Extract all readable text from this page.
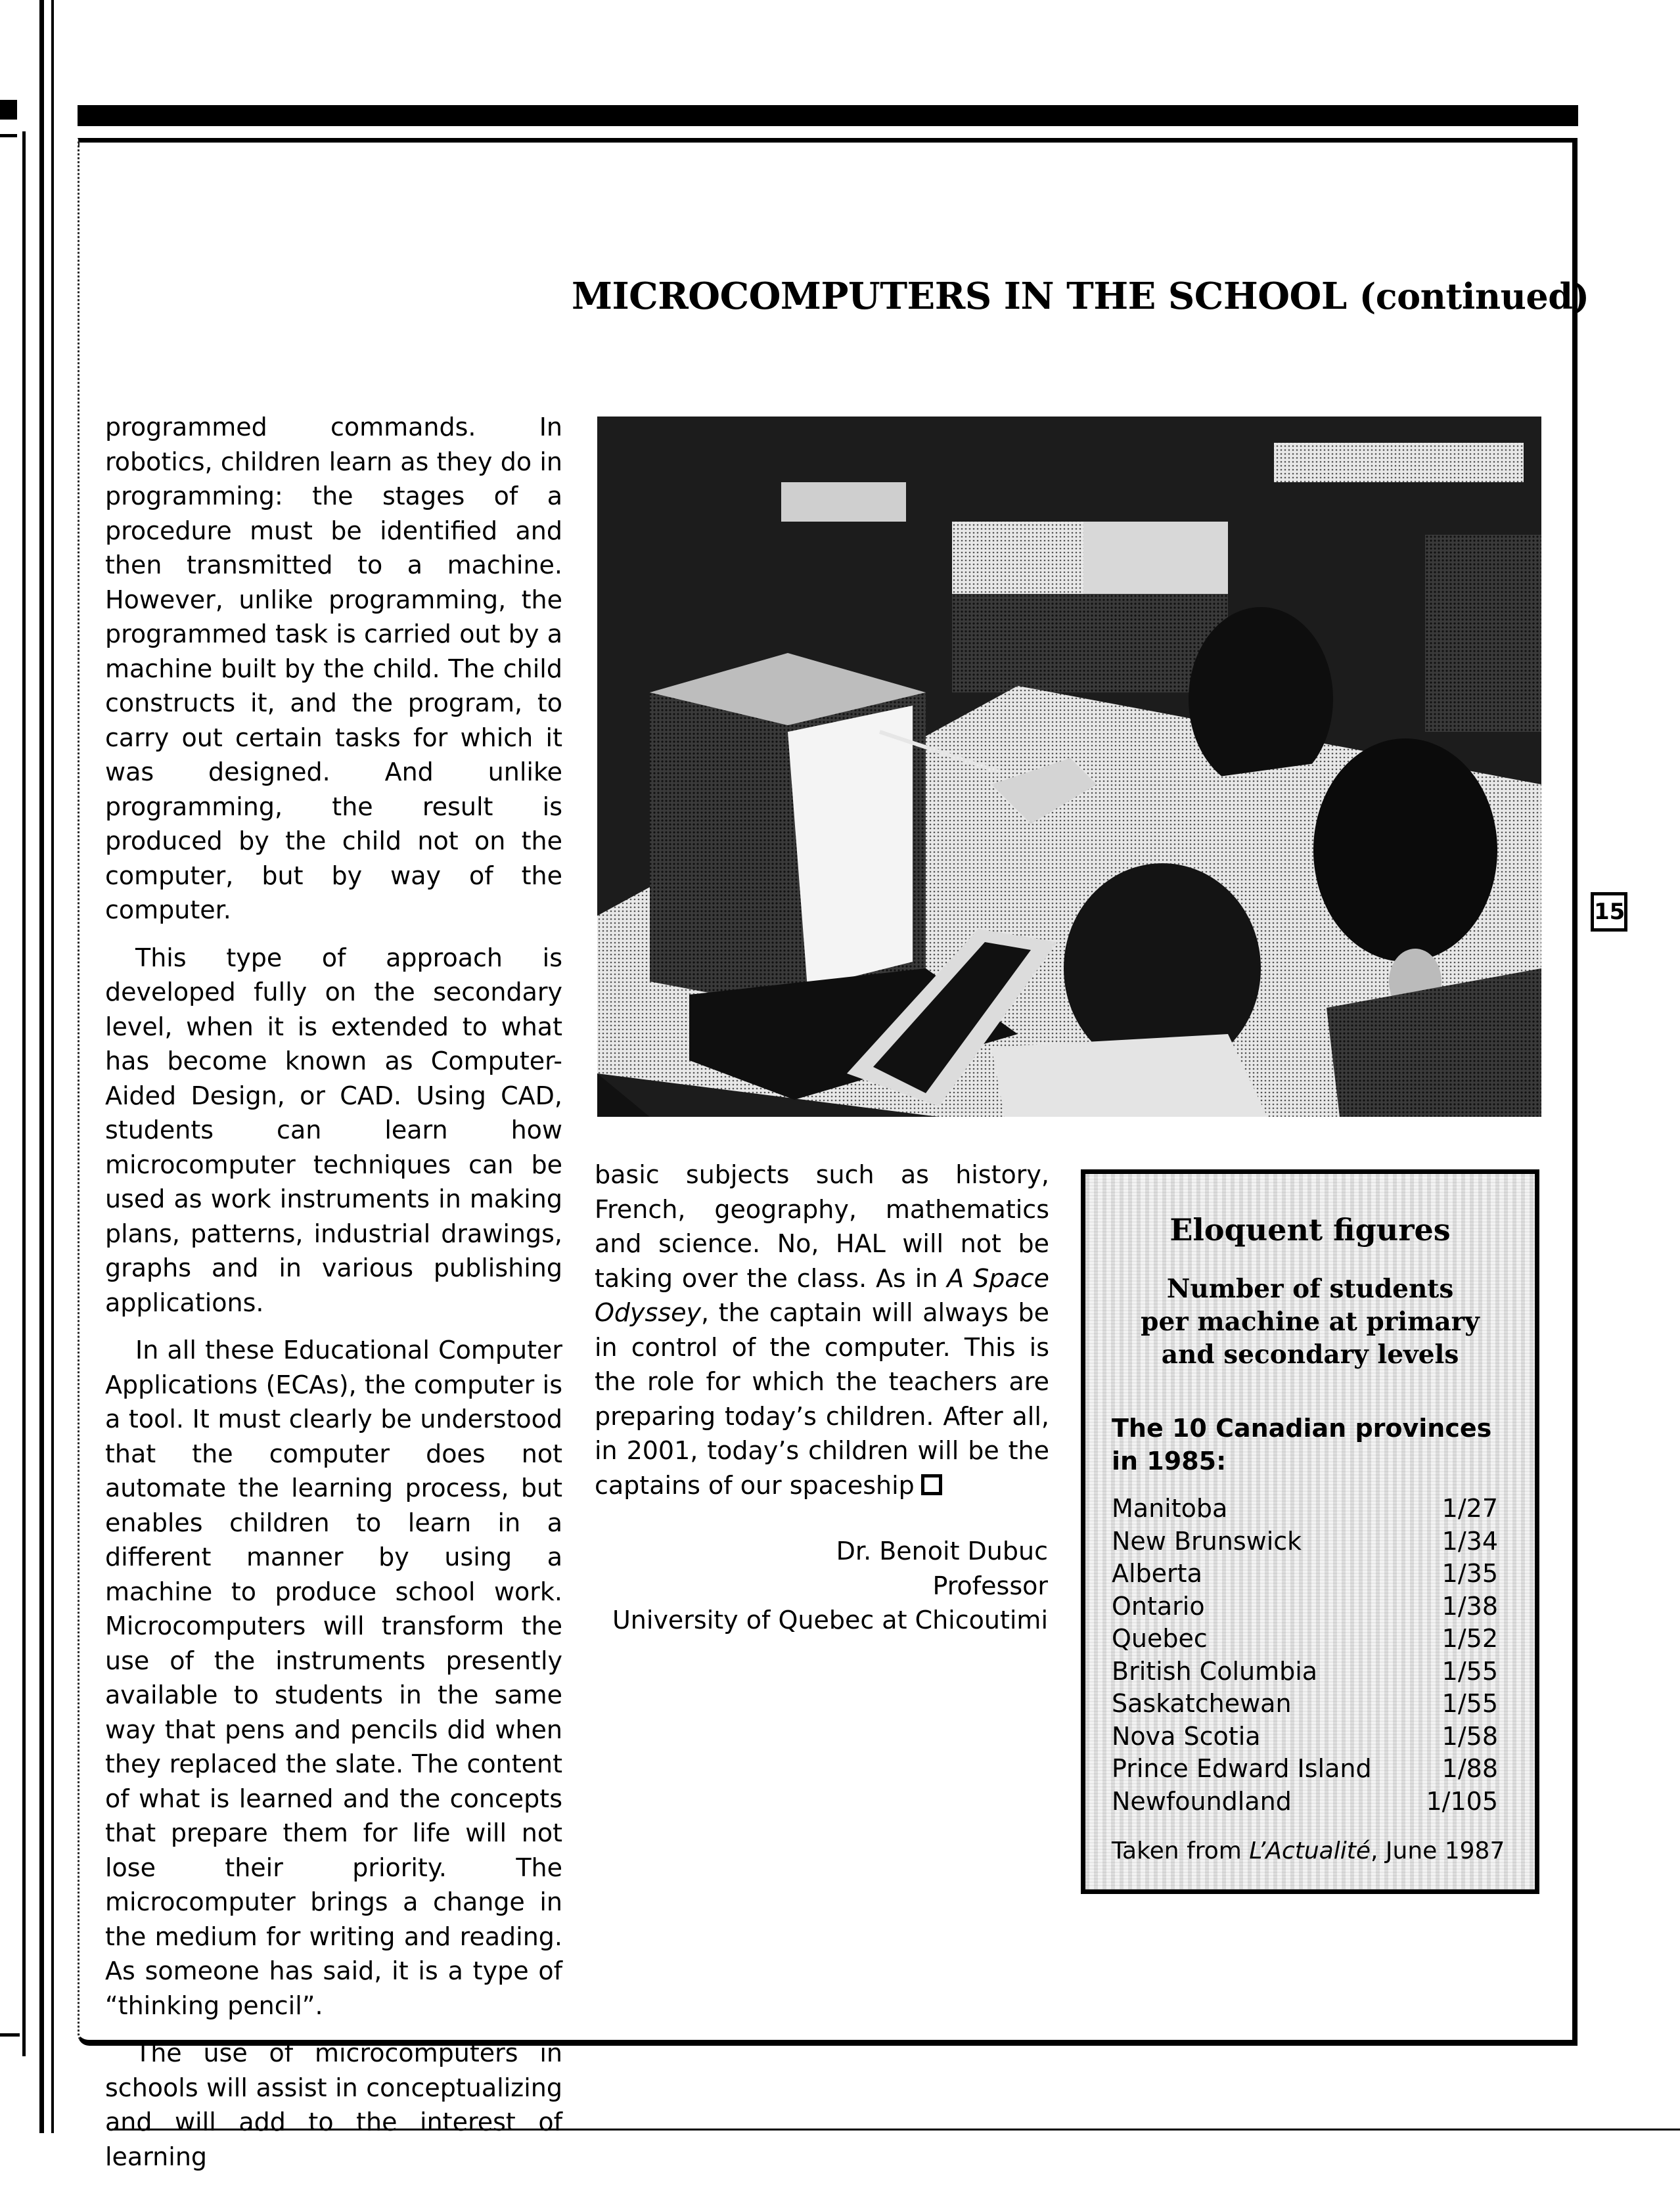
MICROCOMPUTERS IN THE SCHOOL (continued)

programmed commands. In robotics, children learn as they do in programming: the stages of a procedure must be identified and then transmitted to a machine. However, unlike programming, the programmed task is carried out by a machine built by the child. The child constructs it, and the program, to carry out certain tasks for which it was designed. And unlike programming, the result is produced by the child not on the computer, but by way of the computer.

This type of approach is developed fully on the secondary level, when it is extended to what has become known as Computer-Aided Design, or CAD. Using CAD, students can learn how microcomputer techniques can be used as work instruments in making plans, patterns, industrial drawings, graphs and in various publishing applications.

In all these Educational Computer Applications (ECAs), the computer is a tool. It must clearly be understood that the computer does not automate the learning process, but enables children to learn in a different manner by using a machine to produce school work. Microcomputers will transform the use of the instruments presently available to students in the same way that pens and pencils did when they replaced the slate. The content of what is learned and the concepts that prepare them for life will not lose their priority. The microcomputer brings a change in the medium for writing and reading. As someone has said, it is a type of “thinking pencil”.

The use of microcomputers in schools will assist in conceptualizing and will add to the interest of learning

15

basic subjects such as history, French, geography, mathematics and science. No, HAL will not be taking over the class. As in A Space Odyssey, the captain will always be in control of the computer. This is the role for which the teachers are preparing today’s children. After all, in 2001, today’s children will be the captains of our spaceship

Dr. Benoit Dubuc
Professor
University of Quebec at Chicoutimi
Eloquent figures
Number of students
per machine at primary
and secondary levels
The 10 Canadian provinces
in 1985:
Manitoba	1/27
New Brunswick	1/34
Alberta	1/35
Ontario	1/38
Quebec	1/52
British Columbia	1/55
Saskatchewan	1/55
Nova Scotia	1/58
Prince Edward Island	1/88
Newfoundland	1/105
Taken from L’Actualité, June 1987
